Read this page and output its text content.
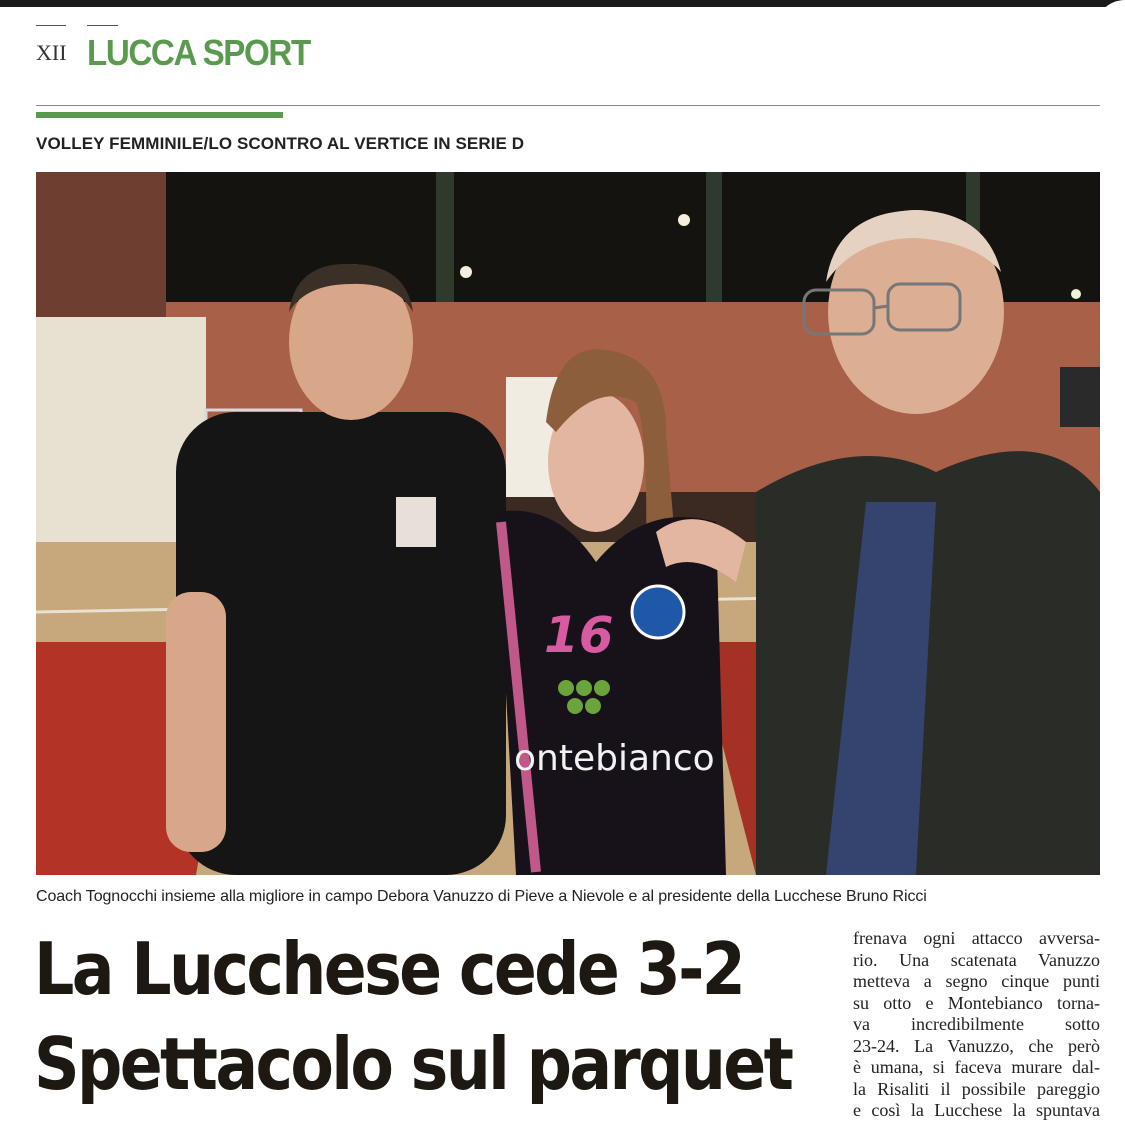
XII LUCCA SPORT
VOLLEY FEMMINILE/LO SCONTRO AL VERTICE IN SERIE D
16
ontebianco
Coach Tognocchi insieme alla migliore in campo Debora Vanuzzo di Pieve a Nievole e al presidente della Lucchese Bruno Ricci
La Lucchese cede 3-2
Spettacolo sul parquet
frenava ogni attacco avversa-
rio. Una scatenata Vanuzzo
metteva a segno cinque punti
su otto e Montebianco torna-
va incredibilmente sotto
23-24. La Vanuzzo, che però
è umana, si faceva murare dal-
la Risaliti il possibile pareggio
e così la Lucchese la spuntava
